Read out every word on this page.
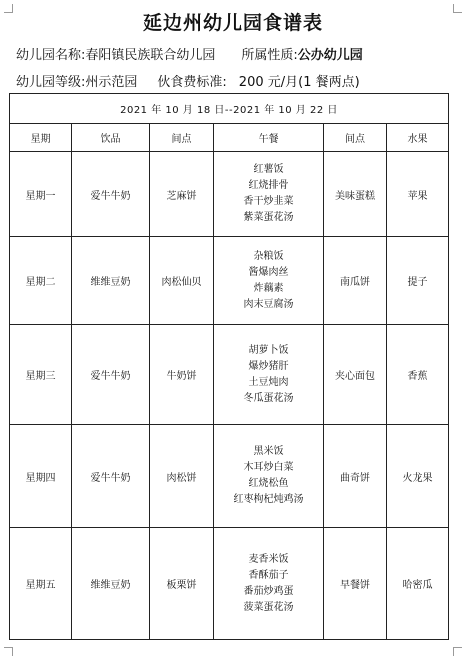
延边州幼儿园食谱表
幼儿园名称:春阳镇民族联合幼儿园 所属性质:公办幼儿园
幼儿园等级:州示范园 伙食费标准: 200 元/月(1 餐两点)
2021 年 10 月 18 日--2021 年 10 月 22 日					
星期	饮品	间点	午餐	间点	水果
星期一	爱牛牛奶	芝麻饼	红薯饭
红烧排骨
香干炒韭菜
紫菜蛋花汤	美味蛋糕	苹果
星期二	维维豆奶	肉松仙贝	杂粮饭
酱爆肉丝
炸藕素
肉末豆腐汤	南瓜饼	提子
星期三	爱牛牛奶	牛奶饼	胡萝卜饭
爆炒猪肝
土豆炖肉
冬瓜蛋花汤	夹心面包	香蕉
星期四	爱牛牛奶	肉松饼	黑米饭
木耳炒白菜
红烧松鱼
红枣枸杞炖鸡汤	曲奇饼	火龙果
星期五	维维豆奶	板栗饼	麦香米饭
香酥茄子
番茄炒鸡蛋
菠菜蛋花汤	早餐饼	哈密瓜
